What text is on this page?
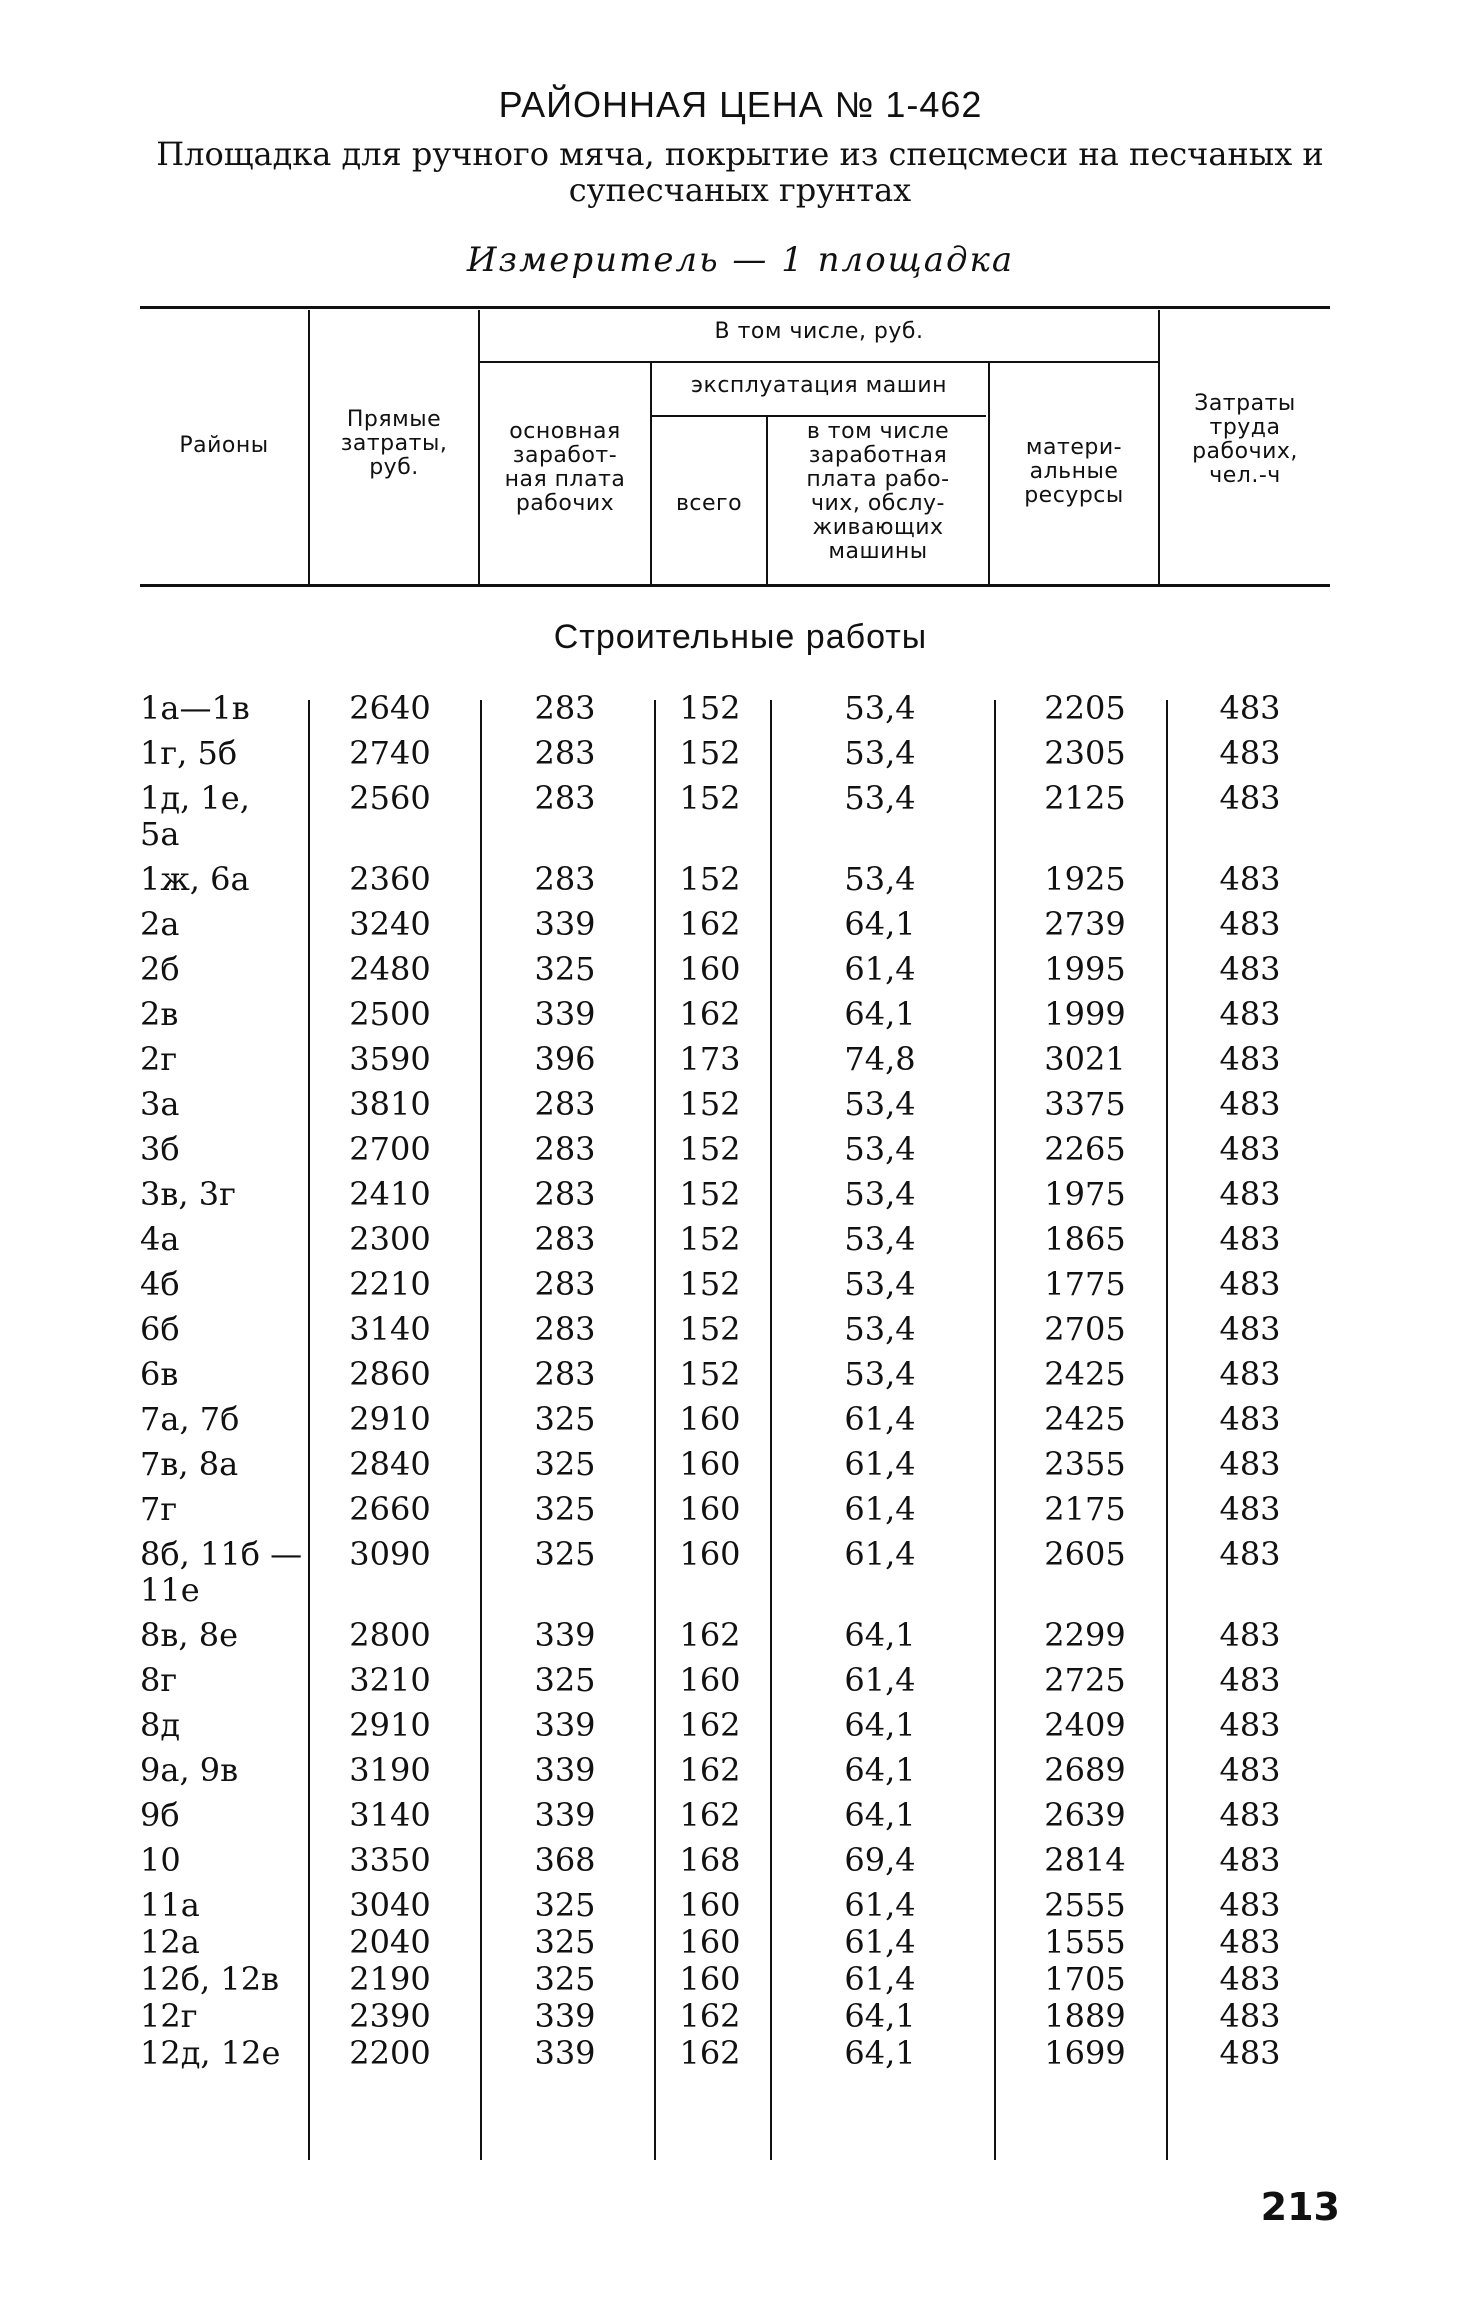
РАЙОННАЯ ЦЕНА № 1-462
Площадка для ручного мяча, покрытие из спецсмеси на песчаных и супесчаных грунтах
Измеритель — 1 площадка
Районы
Прямые
затраты,
руб.
В том числе, руб.
основная
заработ-
ная плата
рабочих
эксплуатация машин
всего
в том числе
заработная
плата рабо-
чих, обслу-
живающих
машины
матери-
альные
ресурсы
Затраты
труда
рабочих,
чел.-ч
Строительные работы
1а—1в	2640	283	152	53,4	2205	483
1г, 5б	2740	283	152	53,4	2305	483
1д, 1е,
5а
2560	283	152	53,4	2125	483
1ж, 6а	2360	283	152	53,4	1925	483
2а	3240	339	162	64,1	2739	483
2б	2480	325	160	61,4	1995	483
2в	2500	339	162	64,1	1999	483
2г	3590	396	173	74,8	3021	483
3а	3810	283	152	53,4	3375	483
3б	2700	283	152	53,4	2265	483
3в, 3г	2410	283	152	53,4	1975	483
4а	2300	283	152	53,4	1865	483
4б	2210	283	152	53,4	1775	483
6б	3140	283	152	53,4	2705	483
6в	2860	283	152	53,4	2425	483
7а, 7б	2910	325	160	61,4	2425	483
7в, 8а	2840	325	160	61,4	2355	483
7г	2660	325	160	61,4	2175	483
8б, 11б —
11е
3090	325	160	61,4	2605	483
8в, 8е	2800	339	162	64,1	2299	483
8г	3210	325	160	61,4	2725	483
8д	2910	339	162	64,1	2409	483
9а, 9в	3190	339	162	64,1	2689	483
9б	3140	339	162	64,1	2639	483
10	3350	368	168	69,4	2814	483
11а	3040	325	160	61,4	2555	483
12а	2040	325	160	61,4	1555	483
12б, 12в	2190	325	160	61,4	1705	483
12г	2390	339	162	64,1	1889	483
12д, 12е	2200	339	162	64,1	1699	483
213
